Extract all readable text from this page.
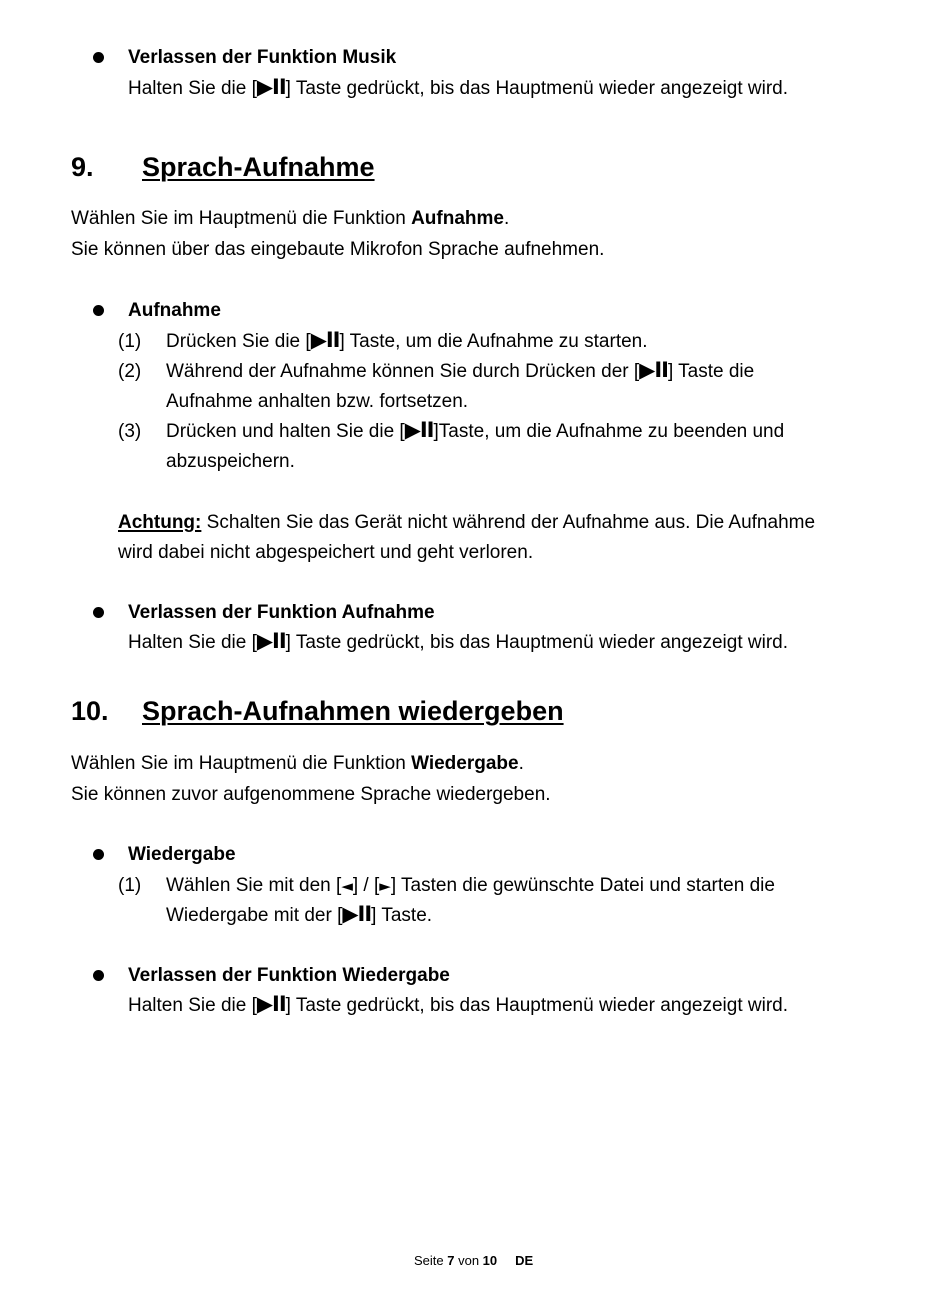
Verlassen der Funktion Musik
Halten Sie die [▶II] Taste gedrückt, bis das Hauptmenü wieder angezeigt wird.
9. Sprach-Aufnahme
Wählen Sie im Hauptmenü die Funktion Aufnahme.
Sie können über das eingebaute Mikrofon Sprache aufnehmen.
Aufnahme
(1) Drücken Sie die [▶II] Taste, um die Aufnahme zu starten.
(2) Während der Aufnahme können Sie durch Drücken der [▶II] Taste die
Aufnahme anhalten bzw. fortsetzen.
(3) Drücken und halten Sie die [▶II]Taste, um die Aufnahme zu beenden und
abzuspeichern.
Achtung: Schalten Sie das Gerät nicht während der Aufnahme aus. Die Aufnahme
wird dabei nicht abgespeichert und geht verloren.
Verlassen der Funktion Aufnahme
Halten Sie die [▶II] Taste gedrückt, bis das Hauptmenü wieder angezeigt wird.
10. Sprach-Aufnahmen wiedergeben
Wählen Sie im Hauptmenü die Funktion Wiedergabe.
Sie können zuvor aufgenommene Sprache wiedergeben.
Wiedergabe
(1) Wählen Sie mit den [◄] / [►] Tasten die gewünschte Datei und starten die
Wiedergabe mit der [▶II] Taste.
Verlassen der Funktion Wiedergabe
Halten Sie die [▶II] Taste gedrückt, bis das Hauptmenü wieder angezeigt wird.
Seite 7 von 10 DE
